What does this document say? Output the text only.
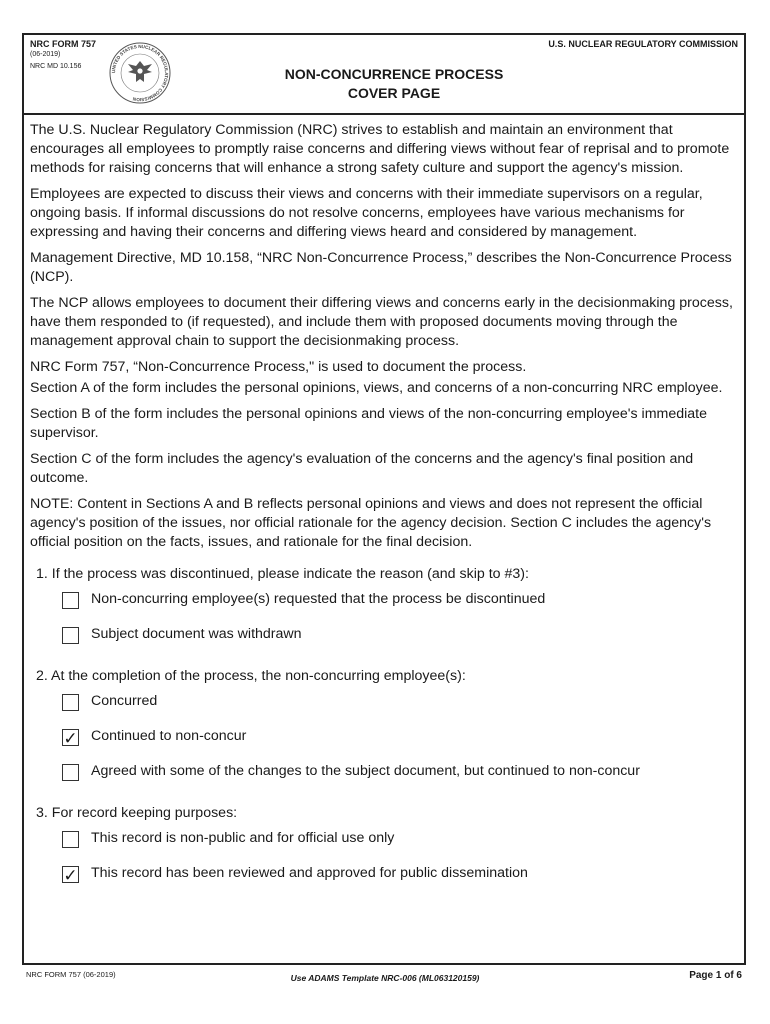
NRC FORM 757
(06-2019)
NRC MD 10.156
U.S. NUCLEAR REGULATORY COMMISSION
UNITED STATES NUCLEAR REGULATORY COMMISSION
NON-CONCURRENCE PROCESS
COVER PAGE

The U.S. Nuclear Regulatory Commission (NRC) strives to establish and maintain an environment that encourages all employees to promptly raise concerns and differing views without fear of reprisal and to promote methods for raising concerns that will enhance a strong safety culture and support the agency's mission.

Employees are expected to discuss their views and concerns with their immediate supervisors on a regular, ongoing basis. If informal discussions do not resolve concerns, employees have various mechanisms for expressing and having their concerns and differing views heard and considered by management.

Management Directive, MD 10.158, “NRC Non-Concurrence Process,” describes the Non-Concurrence Process (NCP).

The NCP allows employees to document their differing views and concerns early in the decisionmaking process, have them responded to (if requested), and include them with proposed documents moving through the management approval chain to support the decisionmaking process.

NRC Form 757, “Non-Concurrence Process," is used to document the process.

Section A of the form includes the personal opinions, views, and concerns of a non-concurring NRC employee.

Section B of the form includes the personal opinions and views of the non-concurring employee's immediate supervisor.

Section C of the form includes the agency's evaluation of the concerns and the agency's final position and outcome.

NOTE: Content in Sections A and B reflects personal opinions and views and does not represent the official agency's position of the issues, nor official rationale for the agency decision. Section C includes the agency's official position on the facts, issues, and rationale for the final decision.

1. If the process was discontinued, please indicate the reason (and skip to #3):
Non-concurring employee(s) requested that the process be discontinued
Subject document was withdrawn
2. At the completion of the process, the non-concurring employee(s):
Concurred
✓ Continued to non-concur
Agreed with some of the changes to the subject document, but continued to non-concur
3. For record keeping purposes:
This record is non-public and for official use only
✓ This record has been reviewed and approved for public dissemination
NRC FORM 757 (06-2019)	Use ADAMS Template NRC-006 (ML063120159)	Page 1 of 6
